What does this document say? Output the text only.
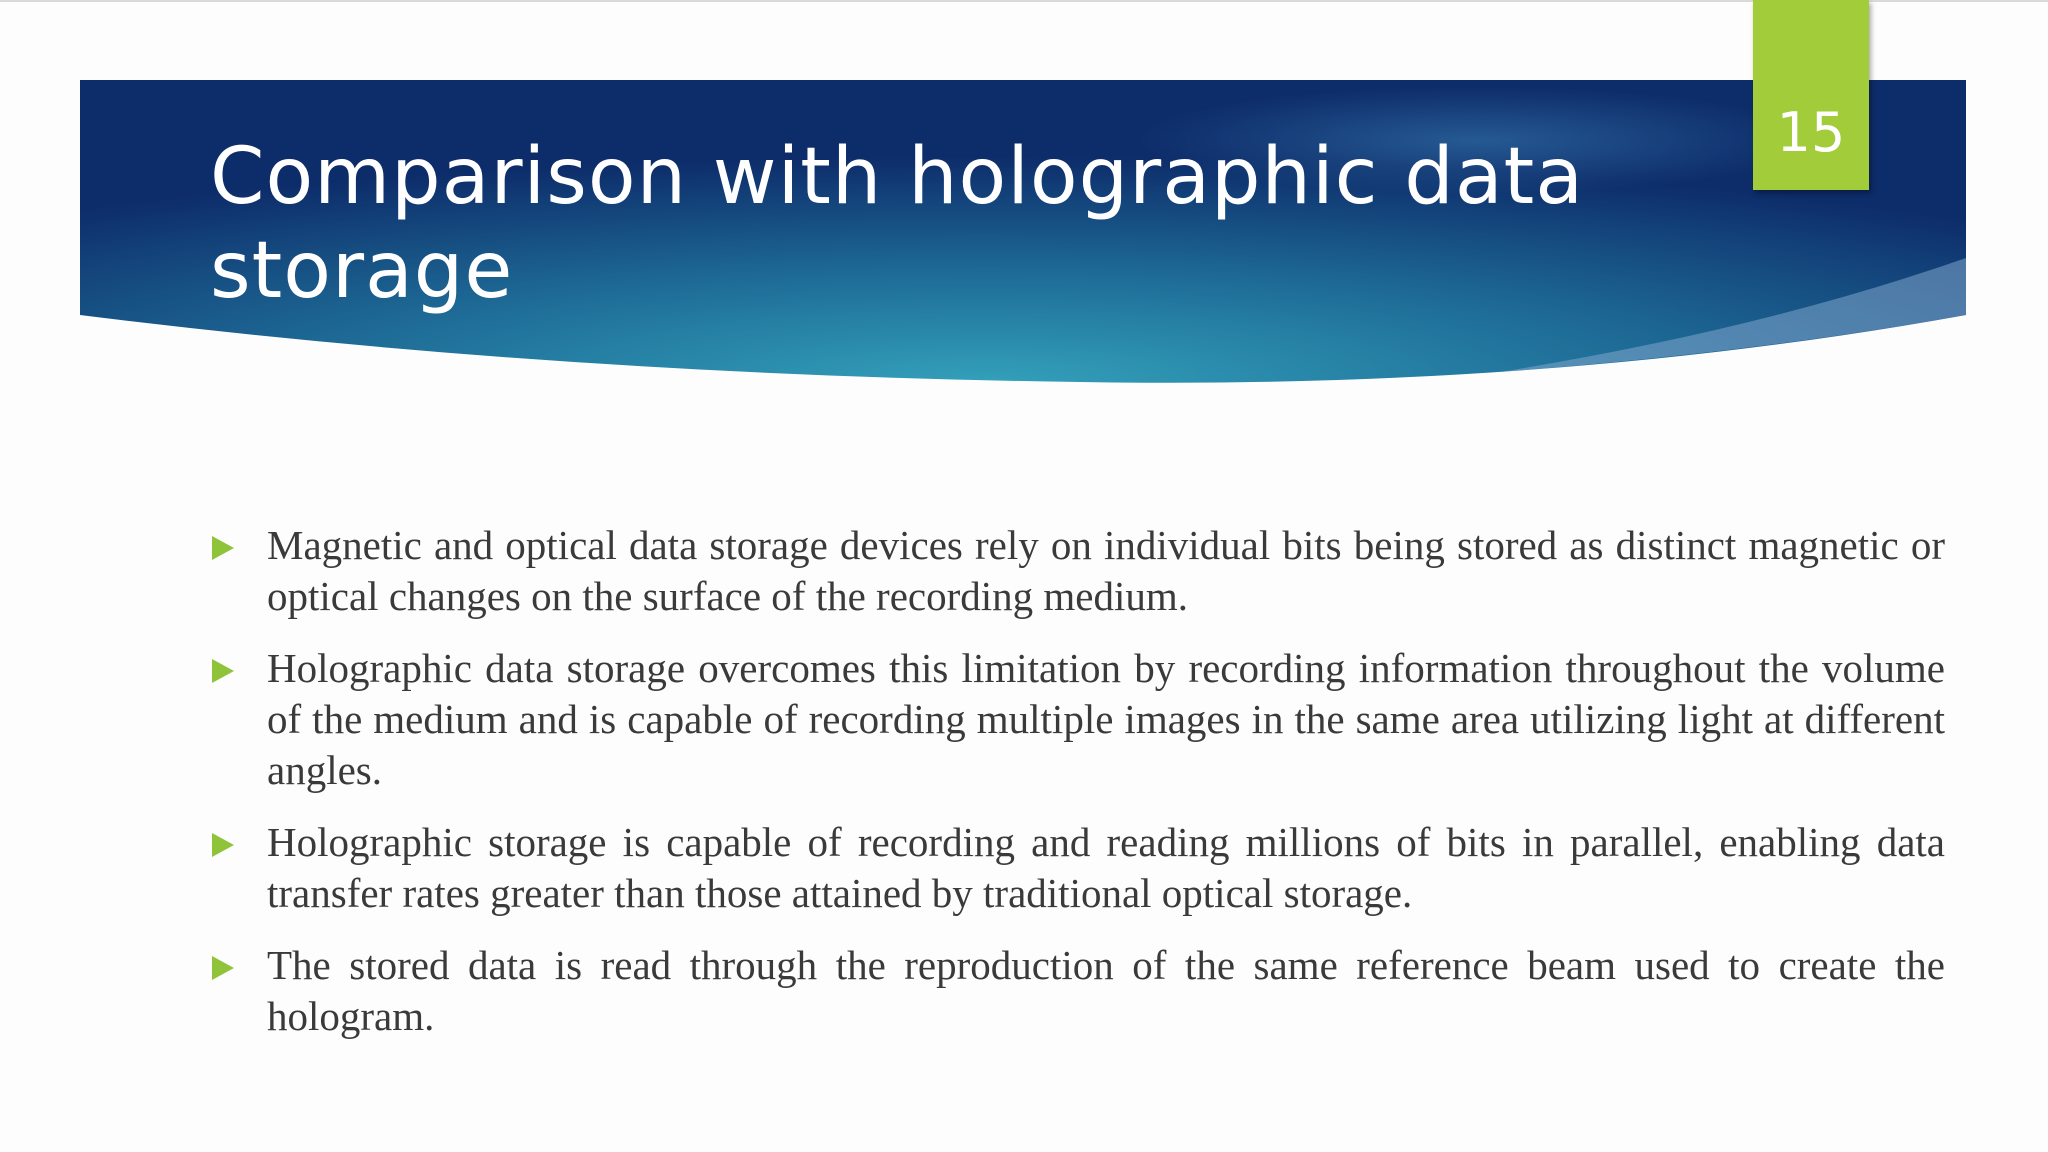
Comparison with holographic data storage
15
Magnetic and optical data storage devices rely on individual bits being stored as distinct magnetic or optical changes on the surface of the recording medium.
Holographic data storage overcomes this limitation by recording information throughout the volume of the medium and is capable of recording multiple images in the same area utilizing light at different angles.
Holographic storage is capable of recording and reading millions of bits in parallel, enabling data transfer rates greater than those attained by traditional optical storage.
The stored data is read through the reproduction of the same reference beam used to create the hologram.
